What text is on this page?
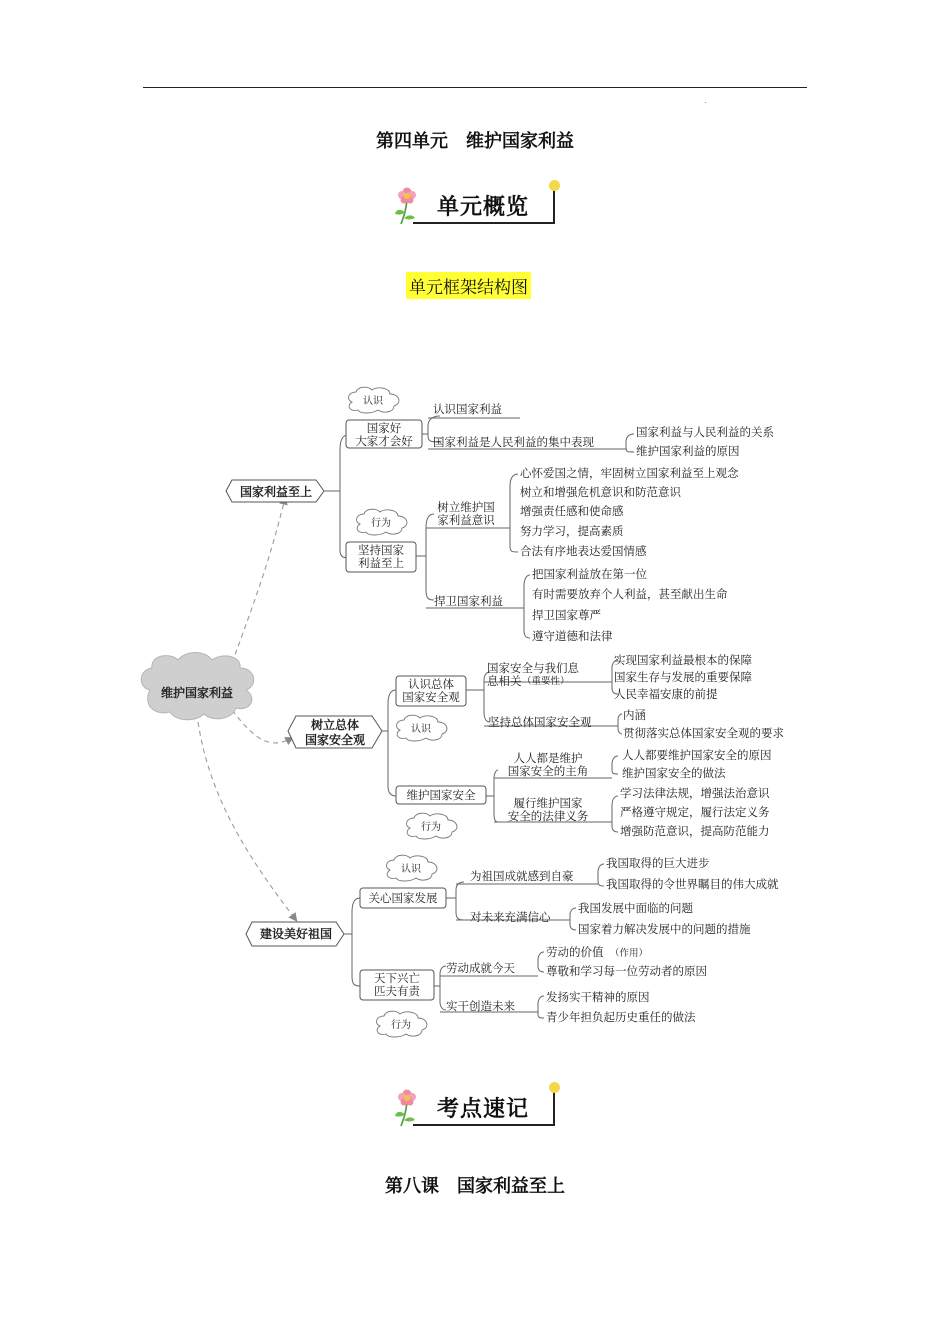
.
第四单元　维护国家利益
单元概览
单元框架结构图
维护国家利益
国家利益至上
树立总体
国家安全观
建设美好祖国
认识
行为
认识
行为
认识
行为
国家好
大家才会好
认识国家利益
国家利益是人民利益的集中表现
国家利益与人民利益的关系
维护国家利益的原因
坚持国家
利益至上
树立维护国
家利益意识
心怀爱国之情，牢固树立国家利益至上观念
树立和增强危机意识和防范意识
增强责任感和使命感
努力学习，提高素质
合法有序地表达爱国情感
捍卫国家利益
把国家利益放在第一位
有时需要放弃个人利益，甚至献出生命
捍卫国家尊严
遵守道德和法律
认识总体
国家安全观
国家安全与我们息
息相关 （重要性）
实现国家利益最根本的保障
国家生存与发展的重要保障
人民幸福安康的前提
坚持总体国家安全观	内涵
贯彻落实总体国家安全观的要求
维护国家安全
人人都是维护
国家安全的主角
人人都要维护国家安全的原因
维护国家安全的做法
履行维护国家
安全的法律义务
学习法律法规，增强法治意识
严格遵守规定，履行法定义务
增强防范意识，提高防范能力
关心国家发展
为祖国成就感到自豪
我国取得的巨大进步
我国取得的令世界瞩目的伟大成就
对未来充满信心
我国发展中面临的问题
国家着力解决发展中的问题的措施
天下兴亡
匹夫有责
劳动成就今天
劳动的价值 （作用）
尊敬和学习每一位劳动者的原因
实干创造未来
发扬实干精神的原因
青少年担负起历史重任的做法
考点速记
第八课　国家利益至上
